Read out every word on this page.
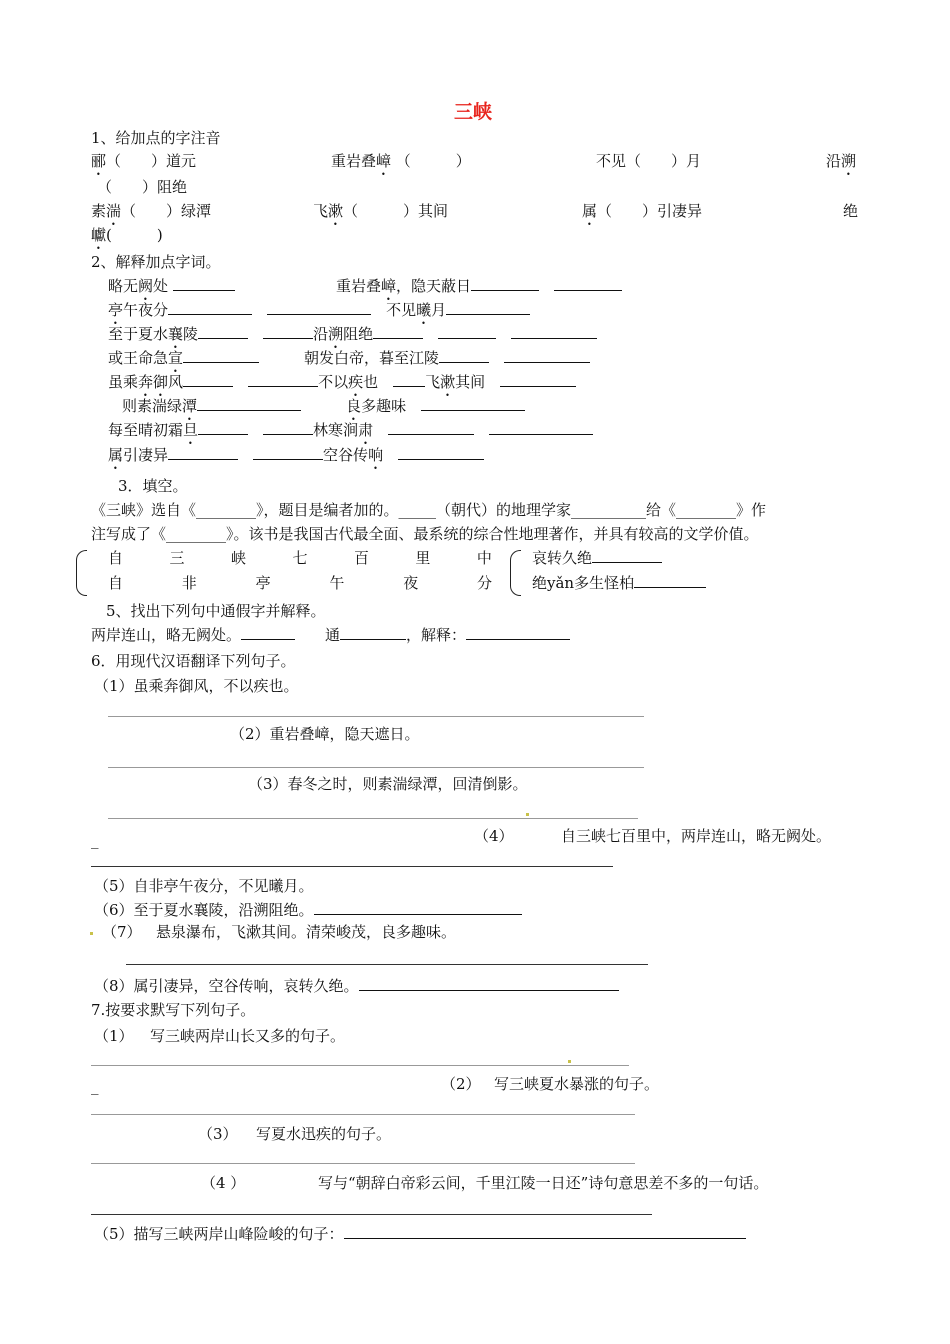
三峡
1、给加点的字注音
郦（　　）道元	重岩叠嶂 （　　　）	不见（　　）月	沿溯
（　　）阻绝
素湍（　　）绿潭	飞漱（　　　）其间	属（　　）引凄异	绝
巘(　　　)
2、解释加点字词。
略无阙处	重岩叠嶂，隐天蔽日　
亭午夜分　　	不见曦月
至于夏水襄陵　	沿溯阻绝　　
或王命急宣　　　	朝发白帝，暮至江陵　
虽乘奔御风　	不以疾也　	飞漱其间　
则素湍绿潭　　　	良多趣味　
每至晴初霜旦　	林寒涧肃　　
属引凄异　	空谷传响　
3．填空。
《三峡》选自《________》，题目是编者加的。_____（朝代）的地理学家__________给《________》作
注写成了《________》。该书是我国古代最全面、最系统的综合性地理著作，并具有较高的文学价值。
自	三	峡	七	百	里	中
自	非	亭	午	夜	分
哀转久绝
绝yǎn多生怪柏
5、找出下列句中通假字并解释。
两岸连山，略无阙处。　　	通	，解释：
6．用现代汉语翻译下列句子。
（1）虽乘奔御风，不以疾也。
（2）重岩叠嶂，隐天遮日。
（3）春冬之时，则素湍绿潭，回清倒影。
_	（4）	自三峡七百里中，两岸连山，略无阙处。
（5）自非亭午夜分，不见曦月。
（6）至于夏水襄陵，沿溯阻绝。
（7） 悬泉瀑布，飞漱其间。清荣峻茂，良多趣味。
（8）属引凄异，空谷传响，哀转久绝。
7.按要求默写下列句子。
（1） 写三峡两岸山长又多的句子。
_	（2） 写三峡夏水暴涨的句子。
（3） 写夏水迅疾的句子。
（4 ）	写与“朝辞白帝彩云间，千里江陵一日还”诗句意思差不多的一句话。
（5）描写三峡两岸山峰险峻的句子：
